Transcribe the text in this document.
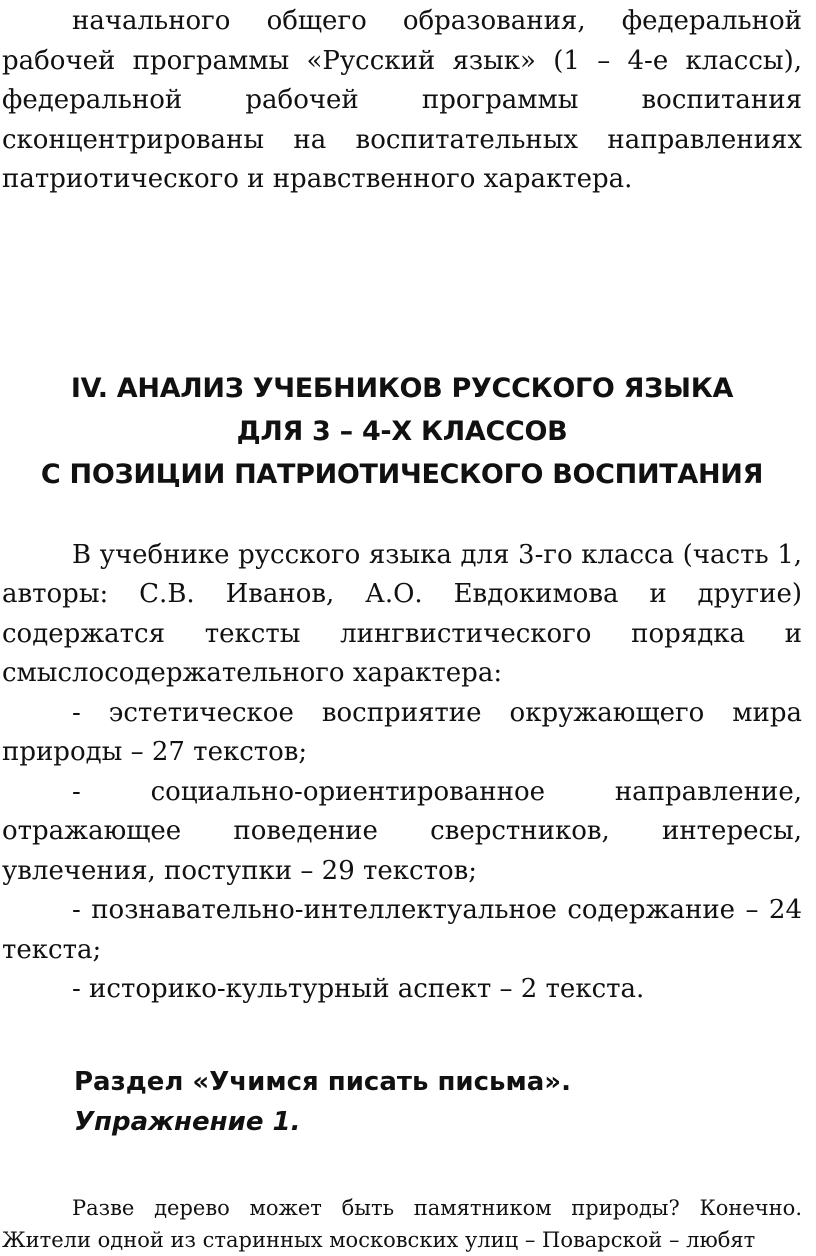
начального общего образования, федеральной рабочей программы «Русский язык» (1 – 4-е классы), федеральной рабочей программы воспитания сконцентрированы на воспитательных направлениях патриотического и нравственного характера.

IV. АНАЛИЗ УЧЕБНИКОВ РУССКОГО ЯЗЫКА
ДЛЯ 3 – 4-Х КЛАССОВ
С ПОЗИЦИИ ПАТРИОТИЧЕСКОГО ВОСПИТАНИЯ

В учебнике русского языка для 3-го класса (часть 1, авторы: С.В. Иванов, А.О. Евдокимова и другие) содержатся тексты лингвистического порядка и смыслосодержательного характера:

- эстетическое восприятие окружающего мира природы – 27 текстов;

- социально-ориентированное направление, отражающее поведение сверстников, интересы, увлечения, поступки – 29 текстов;

- познавательно-интеллектуальное содержание – 24 текста;

- историко-культурный аспект – 2 текста.

Раздел «Учимся писать письма».
Упражнение 1.

Разве дерево может быть памятником природы? Конечно. Жители одной из старинных московских улиц – Поварской – любят
